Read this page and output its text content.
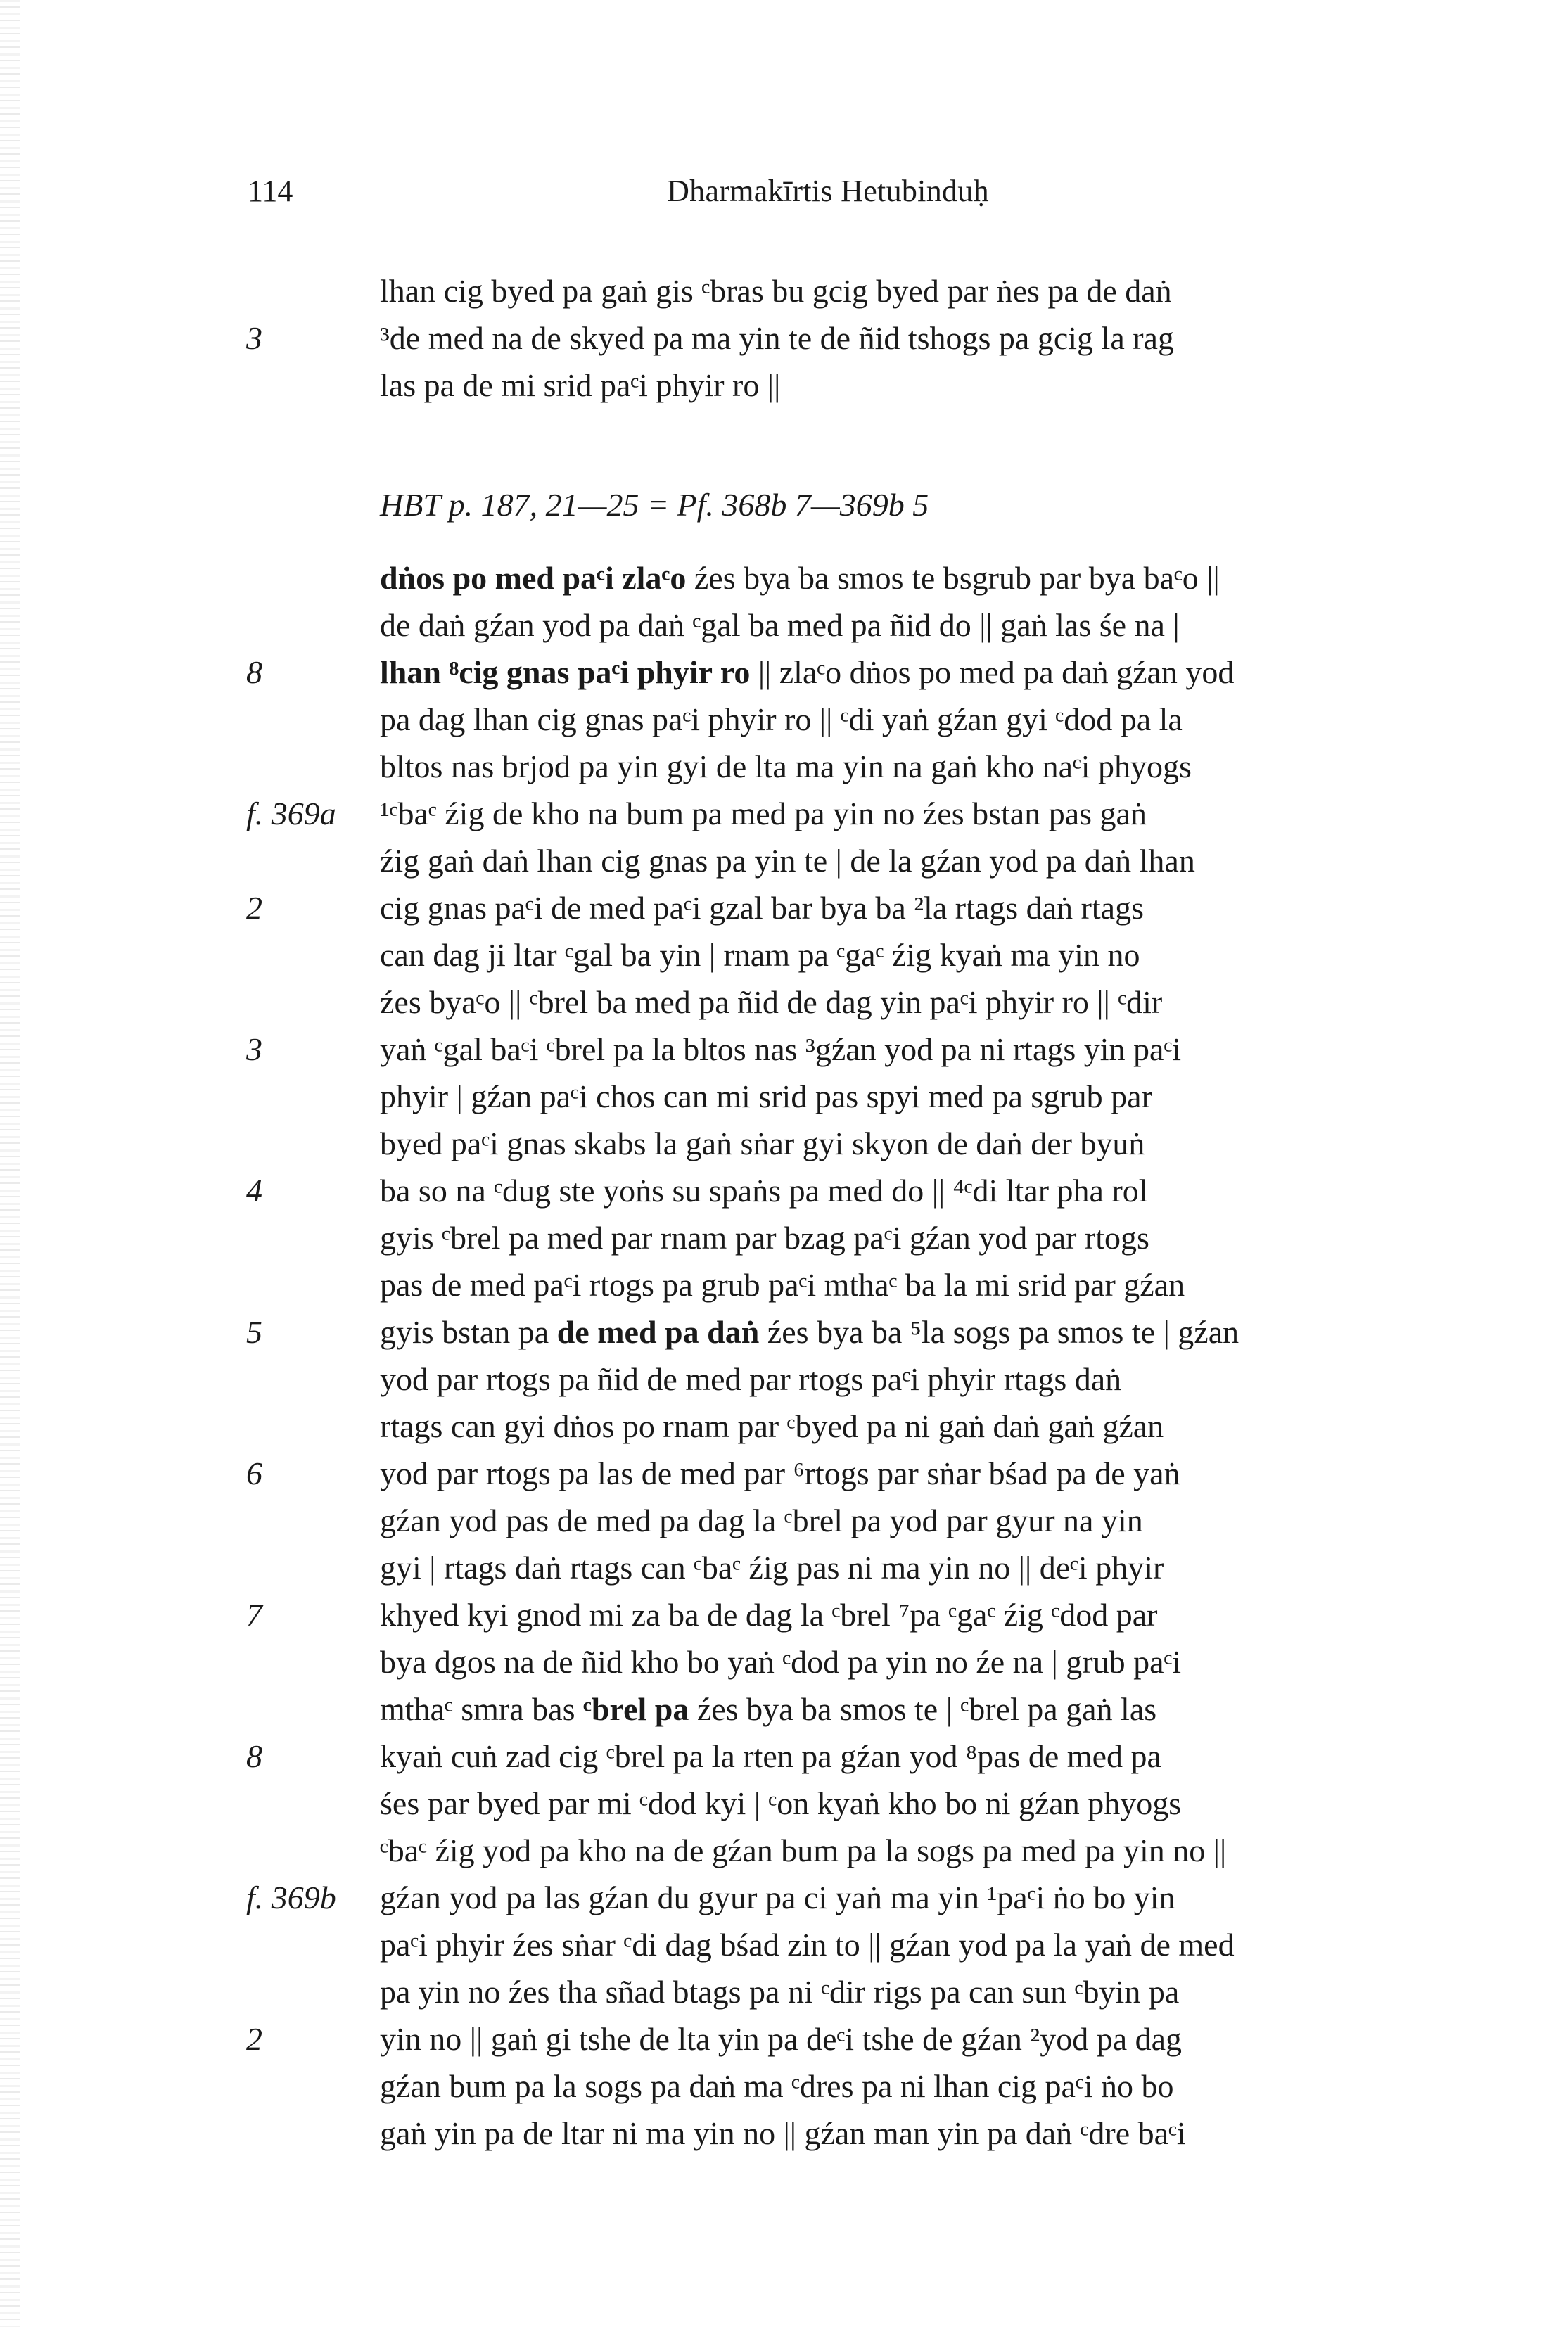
114	Dharmakīrtis Hetubinduḥ
lhan cig byed pa gaṅ gis ᶜbras bu gcig byed par ṅes pa de daṅ
3	³de med na de skyed pa ma yin te de ñid tshogs pa gcig la rag
las pa de mi srid paᶜi phyir ro ||
HBT p. 187, 21—25 = Pf. 368b 7—369b 5
dṅos po med paᶜi zlaᶜo źes bya ba smos te bsgrub par bya baᶜo ||
de daṅ gźan yod pa daṅ ᶜgal ba med pa ñid do || gaṅ las śe na |
8	lhan ⁸cig gnas paᶜi phyir ro || zlaᶜo dṅos po med pa daṅ gźan yod
pa dag lhan cig gnas paᶜi phyir ro || ᶜdi yaṅ gźan gyi ᶜdod pa la
bltos nas brjod pa yin gyi de lta ma yin na gaṅ kho naᶜi phyogs
f. 369a	¹ᶜbaᶜ źig de kho na bum pa med pa yin no źes bstan pas gaṅ
źig gaṅ daṅ lhan cig gnas pa yin te | de la gźan yod pa daṅ lhan
2	cig gnas paᶜi de med paᶜi gzal bar bya ba ²la rtags daṅ rtags
can dag ji ltar ᶜgal ba yin | rnam pa ᶜgaᶜ źig kyaṅ ma yin no
źes byaᶜo || ᶜbrel ba med pa ñid de dag yin paᶜi phyir ro || ᶜdir
3	yaṅ ᶜgal baᶜi ᶜbrel pa la bltos nas ³gźan yod pa ni rtags yin paᶜi
phyir | gźan paᶜi chos can mi srid pas spyi med pa sgrub par
byed paᶜi gnas skabs la gaṅ sṅar gyi skyon de daṅ der byuṅ
4	ba so na ᶜdug ste yoṅs su spaṅs pa med do || ⁴ᶜdi ltar pha rol
gyis ᶜbrel pa med par rnam par bzag paᶜi gźan yod par rtogs
pas de med paᶜi rtogs pa grub paᶜi mthaᶜ ba la mi srid par gźan
5	gyis bstan pa de med pa daṅ źes bya ba ⁵la sogs pa smos te | gźan
yod par rtogs pa ñid de med par rtogs paᶜi phyir rtags daṅ
rtags can gyi dṅos po rnam par ᶜbyed pa ni gaṅ daṅ gaṅ gźan
6	yod par rtogs pa las de med par ⁶rtogs par sṅar bśad pa de yaṅ
gźan yod pas de med pa dag la ᶜbrel pa yod par gyur na yin
gyi | rtags daṅ rtags can ᶜbaᶜ źig pas ni ma yin no || deᶜi phyir
7	khyed kyi gnod mi za ba de dag la ᶜbrel ⁷pa ᶜgaᶜ źig ᶜdod par
bya dgos na de ñid kho bo yaṅ ᶜdod pa yin no źe na | grub paᶜi
mthaᶜ smra bas ᶜbrel pa źes bya ba smos te | ᶜbrel pa gaṅ las
8	kyaṅ cuṅ zad cig ᶜbrel pa la rten pa gźan yod ⁸pas de med pa
śes par byed par mi ᶜdod kyi | ᶜon kyaṅ kho bo ni gźan phyogs
ᶜbaᶜ źig yod pa kho na de gźan bum pa la sogs pa med pa yin no ||
f. 369b	gźan yod pa las gźan du gyur pa ci yaṅ ma yin ¹paᶜi ṅo bo yin
paᶜi phyir źes sṅar ᶜdi dag bśad zin to || gźan yod pa la yaṅ de med
pa yin no źes tha sñad btags pa ni ᶜdir rigs pa can sun ᶜbyin pa
2	yin no || gaṅ gi tshe de lta yin pa deᶜi tshe de gźan ²yod pa dag
gźan bum pa la sogs pa daṅ ma ᶜdres pa ni lhan cig paᶜi ṅo bo
gaṅ yin pa de ltar ni ma yin no || gźan man yin pa daṅ ᶜdre baᶜi
